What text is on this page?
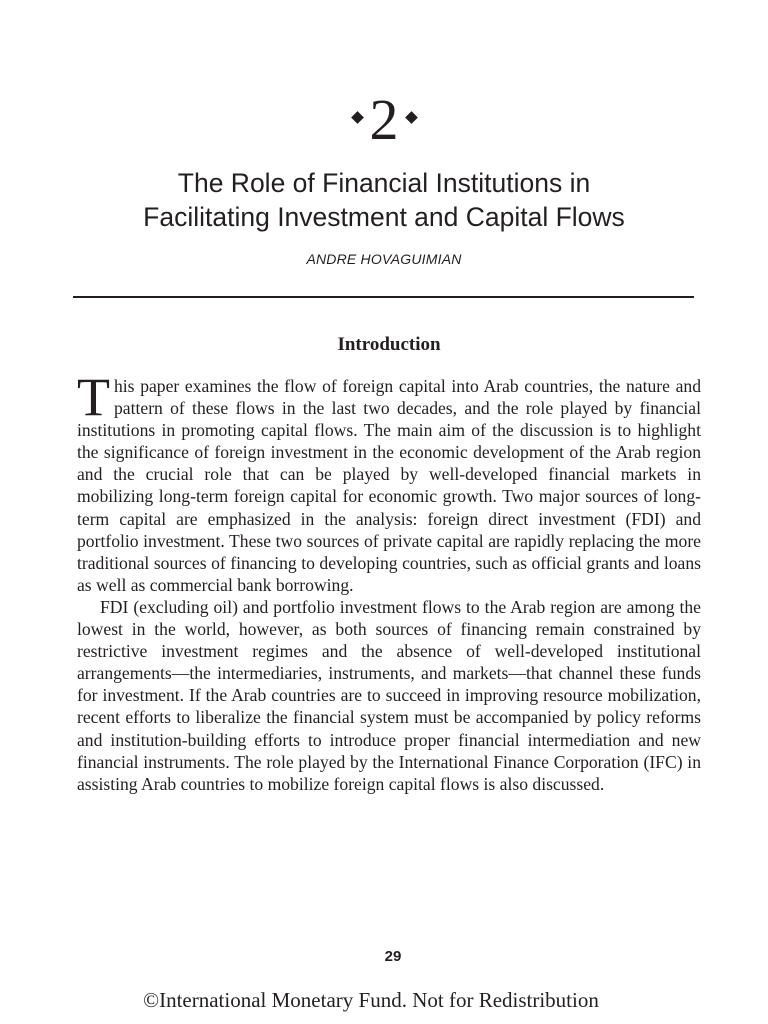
2
The Role of Financial Institutions in
Facilitating Investment and Capital Flows
ANDRE HOVAGUIMIAN
Introduction

This paper examines the flow of foreign capital into Arab countries, the nature and pattern of these flows in the last two decades, and the role played by financial institutions in promoting capital flows. The main aim of the discussion is to highlight the significance of foreign investment in the economic development of the Arab region and the crucial role that can be played by well-developed financial markets in mobilizing long-term foreign capital for economic growth. Two major sources of long-term capital are emphasized in the analysis: foreign direct investment (FDI) and portfolio investment. These two sources of private capital are rapidly replacing the more traditional sources of financing to developing countries, such as official grants and loans as well as commercial bank borrowing.

FDI (excluding oil) and portfolio investment flows to the Arab region are among the lowest in the world, however, as both sources of financing remain constrained by restrictive investment regimes and the absence of well-developed institutional arrangements—the intermediaries, instruments, and markets—that channel these funds for investment. If the Arab countries are to succeed in improving resource mobilization, recent efforts to liberalize the financial system must be accompanied by policy reforms and institution-building efforts to introduce proper financial intermediation and new financial instruments. The role played by the International Finance Corporation (IFC) in assisting Arab countries to mobilize foreign capital flows is also discussed.

29
©International Monetary Fund. Not for Redistribution
